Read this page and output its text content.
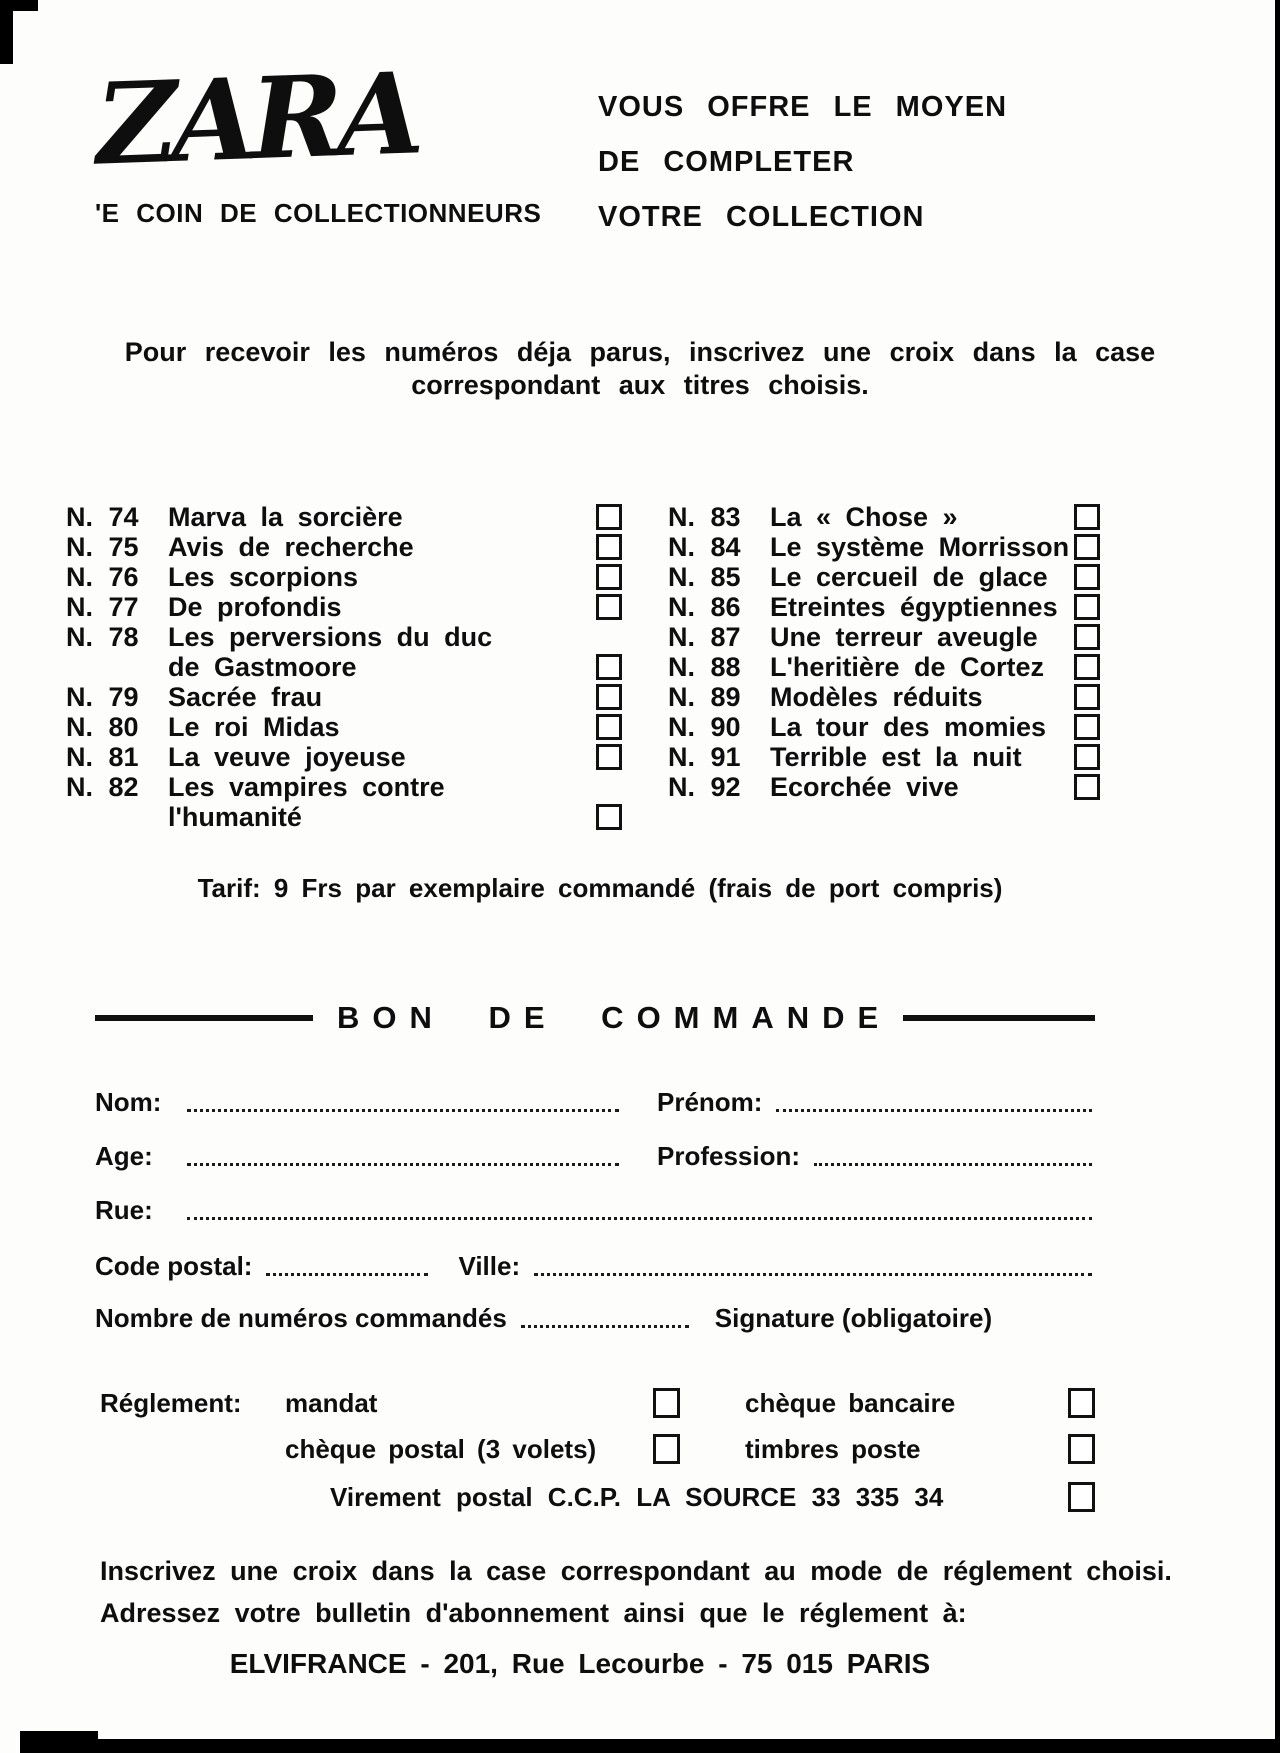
ZARA
'E COIN DE COLLECTIONNEURS
VOUS OFFRE LE MOYEN
DE COMPLETER
VOTRE COLLECTION
Pour recevoir les numéros déja parus, inscrivez une croix dans la case
correspondant aux titres choisis.
N. 74	Marva la sorcière	N. 83	La « Chose »
N. 75	Avis de recherche	N. 84	Le système Morrisson
N. 76	Les scorpions	N. 85	Le cercueil de glace
N. 77	De profondis	N. 86	Etreintes égyptiennes
N. 78	Les perversions du duc	N. 87	Une terreur aveugle
de Gastmoore	N. 88	L'heritière de Cortez
N. 79	Sacrée frau	N. 89	Modèles réduits
N. 80	Le roi Midas	N. 90	La tour des momies
N. 81	La veuve joyeuse	N. 91	Terrible est la nuit
N. 82	Les vampires contre	N. 92	Ecorchée vive
l'humanité
Tarif: 9 Frs par exemplaire commandé (frais de port compris)
BON DE COMMANDE
Nom:	Prénom:
Age:	Profession:
Rue:
Code postal:	Ville:
Nombre de numéros commandés	Signature (obligatoire)
Réglement: mandat	chèque bancaire
chèque postal (3 volets)	timbres poste
Virement postal C.C.P. LA SOURCE 33 335 34
Inscrivez une croix dans la case correspondant au mode de réglement choisi.
Adressez votre bulletin d'abonnement ainsi que le réglement à:
ELVIFRANCE - 201, Rue Lecourbe - 75 015 PARIS
